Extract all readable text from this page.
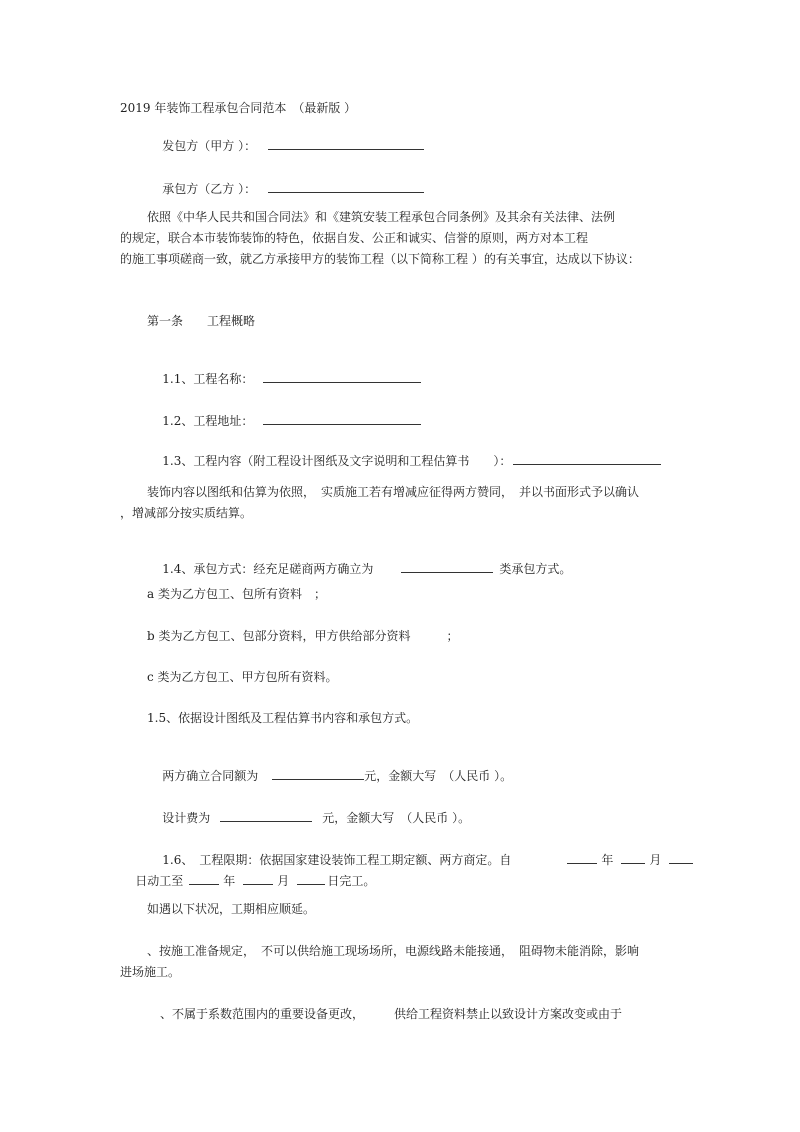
2019 年装饰工程承包合同范本　（最新版 ）

发包方（甲方 ）：

承包方（乙方 ）：

依照《中华人民共和国合同法》和《建筑安装工程承包合同条例》及其余有关法律、法例
的规定，联合本市装饰装饰的特色，依据自发、公正和诚实、信誉的原则，两方对本工程
的施工事项磋商一致，就乙方承接甲方的装饰工程（以下简称工程 ）的有关事宜，达成以下协议：
第一条　　工程概略

1.1、工程名称：

1.2、工程地址：

1.3、工程内容（附工程设计图纸及文字说明和工程估算书　　）：

装饰内容以图纸和估算为依照，　实质施工若有增减应征得两方赞同，　并以书面形式予以确认
，增减部分按实质结算。

1.4、承包方式：经充足磋商两方确立为	类承包方式。

a 类为乙方包工、包所有资料　；
b 类为乙方包工、包部分资料，甲方供给部分资料　　　；
c 类为乙方包工、甲方包所有资料。
1.5、依据设计图纸及工程估算书内容和承包方式。

两方确立合同额为	元，金额大写　（人民币 ）。

设计费为	元，金额大写　（人民币 ）。

1.6、　工程限期：依据国家建设装饰工程工期定额、两方商定。自	年	月

日动工至	年	月	日完工。

如遇以下状况，工期相应顺延。
、按施工准备规定，　不可以供给施工现场场所，电源线路未能接通，　阻碍物未能消除，影响
进场施工。
、不属于系数范围内的重要设备更改，　　　供给工程资料禁止以致设计方案改变或由于
